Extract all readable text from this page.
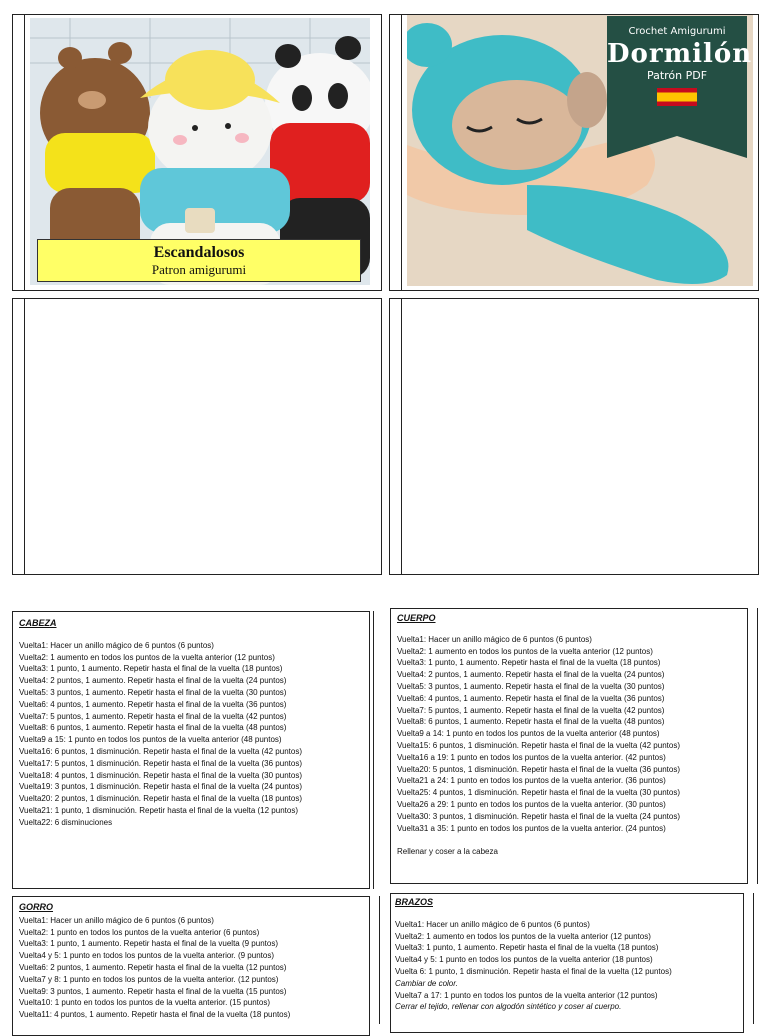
Escandalosos
Patron amigurumi
Crochet Amigurumi
Dormilón
Patrón PDF
CABEZA
Vuelta1: Hacer un anillo mágico de 6 puntos (6 puntos)
Vuelta2: 1 aumento en todos los puntos de la vuelta anterior (12 puntos)
Vuelta3: 1 punto, 1 aumento. Repetir hasta el final de la vuelta (18 puntos)
Vuelta4: 2 puntos, 1 aumento. Repetir hasta el final de la vuelta (24 puntos)
Vuelta5: 3 puntos, 1 aumento. Repetir hasta el final de la vuelta (30 puntos)
Vuelta6: 4 puntos, 1 aumento. Repetir hasta el final de la vuelta (36 puntos)
Vuelta7: 5 puntos, 1 aumento. Repetir hasta el final de la vuelta (42 puntos)
Vuelta8: 6 puntos, 1 aumento. Repetir hasta el final de la vuelta (48 puntos)
Vuelta9 a 15: 1 punto en todos los puntos de la vuelta anterior (48 puntos)
Vuelta16: 6 puntos, 1 disminución. Repetir hasta el final de la vuelta (42 puntos)
Vuelta17: 5 puntos, 1 disminución. Repetir hasta el final de la vuelta (36 puntos)
Vuelta18: 4 puntos, 1 disminución. Repetir hasta el final de la vuelta (30 puntos)
Vuelta19: 3 puntos, 1 disminución. Repetir hasta el final de la vuelta (24 puntos)
Vuelta20: 2 puntos, 1 disminución. Repetir hasta el final de la vuelta (18 puntos)
Vuelta21: 1 punto, 1 disminución. Repetir hasta el final de la vuelta (12 puntos)
Vuelta22: 6 disminuciones
CUERPO
Vuelta1: Hacer un anillo mágico de 6 puntos (6 puntos)
Vuelta2: 1 aumento en todos los puntos de la vuelta anterior (12 puntos)
Vuelta3: 1 punto, 1 aumento. Repetir hasta el final de la vuelta (18 puntos)
Vuelta4: 2 puntos, 1 aumento. Repetir hasta el final de la vuelta (24 puntos)
Vuelta5: 3 puntos, 1 aumento. Repetir hasta el final de la vuelta (30 puntos)
Vuelta6: 4 puntos, 1 aumento. Repetir hasta el final de la vuelta (36 puntos)
Vuelta7: 5 puntos, 1 aumento. Repetir hasta el final de la vuelta (42 puntos)
Vuelta8: 6 puntos, 1 aumento. Repetir hasta el final de la vuelta (48 puntos)
Vuelta9 a 14: 1 punto en todos los puntos de la vuelta anterior (48 puntos)
Vuelta15: 6 puntos, 1 disminución. Repetir hasta el final de la vuelta (42 puntos)
Vuelta16 a 19: 1 punto en todos los puntos de la vuelta anterior. (42 puntos)
Vuelta20: 5 puntos, 1 disminución. Repetir hasta el final de la vuelta (36 puntos)
Vuelta21 a 24: 1 punto en todos los puntos de la vuelta anterior. (36 puntos)
Vuelta25: 4 puntos, 1 disminución. Repetir hasta el final de la vuelta (30 puntos)
Vuelta26 a 29: 1 punto en todos los puntos de la vuelta anterior. (30 puntos)
Vuelta30: 3 puntos, 1 disminución. Repetir hasta el final de la vuelta (24 puntos)
Vuelta31 a 35: 1 punto en todos los puntos de la vuelta anterior. (24 puntos)
Rellenar y coser a la cabeza
GORRO
Vuelta1: Hacer un anillo mágico de 6 puntos (6 puntos)
Vuelta2: 1 punto en todos los puntos de la vuelta anterior (6 puntos)
Vuelta3: 1 punto, 1 aumento. Repetir hasta el final de la vuelta (9 puntos)
Vuelta4 y 5: 1 punto en todos los puntos de la vuelta anterior. (9 puntos)
Vuelta6: 2 puntos, 1 aumento. Repetir hasta el final de la vuelta (12 puntos)
Vuelta7 y 8: 1 punto en todos los puntos de la vuelta anterior. (12 puntos)
Vuelta9: 3 puntos, 1 aumento. Repetir hasta el final de la vuelta (15 puntos)
Vuelta10: 1 punto en todos los puntos de la vuelta anterior. (15 puntos)
Vuelta11: 4 puntos, 1 aumento. Repetir hasta el final de la vuelta (18 puntos)
BRAZOS
Vuelta1: Hacer un anillo mágico de 6 puntos (6 puntos)
Vuelta2: 1 aumento en todos los puntos de la vuelta anterior (12 puntos)
Vuelta3: 1 punto, 1 aumento. Repetir hasta el final de la vuelta (18 puntos)
Vuelta4 y 5: 1 punto en todos los puntos de la vuelta anterior (18 puntos)
Vuelta 6: 1 punto, 1 disminución. Repetir hasta el final de la vuelta (12 puntos)
Cambiar de color.
Vuelta7 a 17: 1 punto en todos los puntos de la vuelta anterior (12 puntos)
Cerrar el tejido, rellenar con algodón sintético y coser al cuerpo.
